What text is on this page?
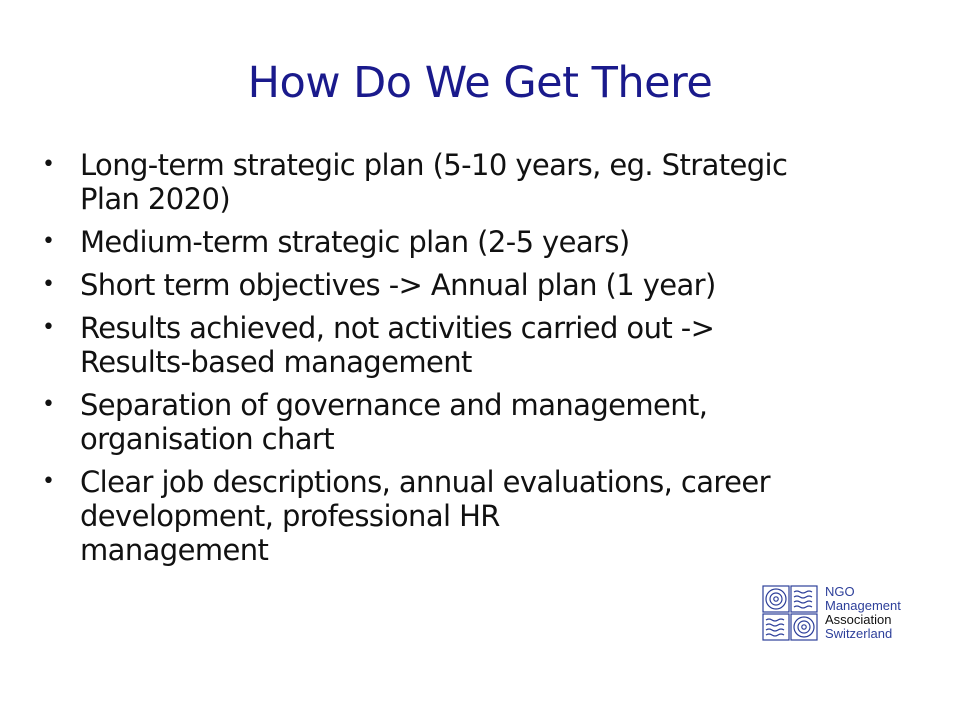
How Do We Get There
• Long-term strategic plan (5-10 years, eg. Strategic
Plan 2020)
• Medium-term strategic plan (2-5 years)
• Short term objectives -> Annual plan (1 year)
• Results achieved, not activities carried out ->
Results-based management
• Separation of governance and management,
organisation chart
• Clear job descriptions, annual evaluations, career
development, professional HR
management
NGO
Management
Association
Switzerland
